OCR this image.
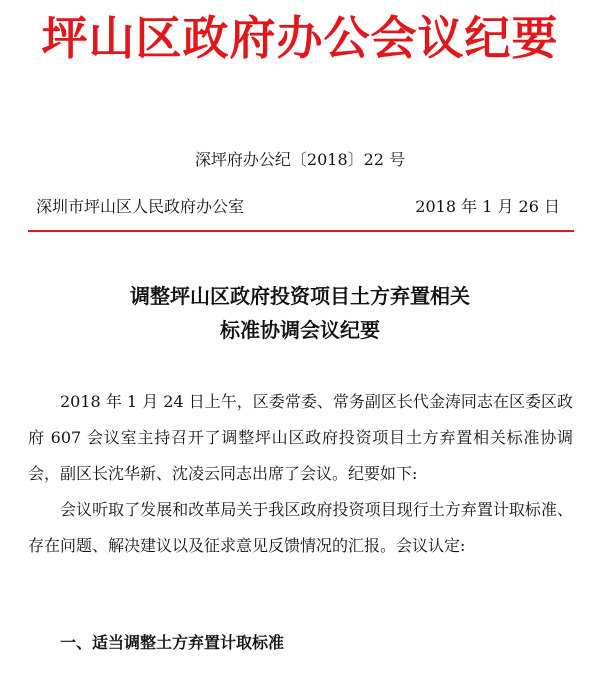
坪山区政府办公会议纪要
深坪府办公纪〔2018〕22 号
深圳市坪山区人民政府办公室	2018 年 1 月 26 日
调整坪山区政府投资项目土方弃置相关
标准协调会议纪要

2018 年 1 月 24 日上午，区委常委、常务副区长代金涛同志在区委区政府 607 会议室主持召开了调整坪山区政府投资项目土方弃置相关标准协调会，副区长沈华新、沈凌云同志出席了会议。纪要如下:

会议听取了发展和改革局关于我区政府投资项目现行土方弃置计取标准、存在问题、解决建议以及征求意见反馈情况的汇报。会议认定:

一、适当调整土方弃置计取标准
